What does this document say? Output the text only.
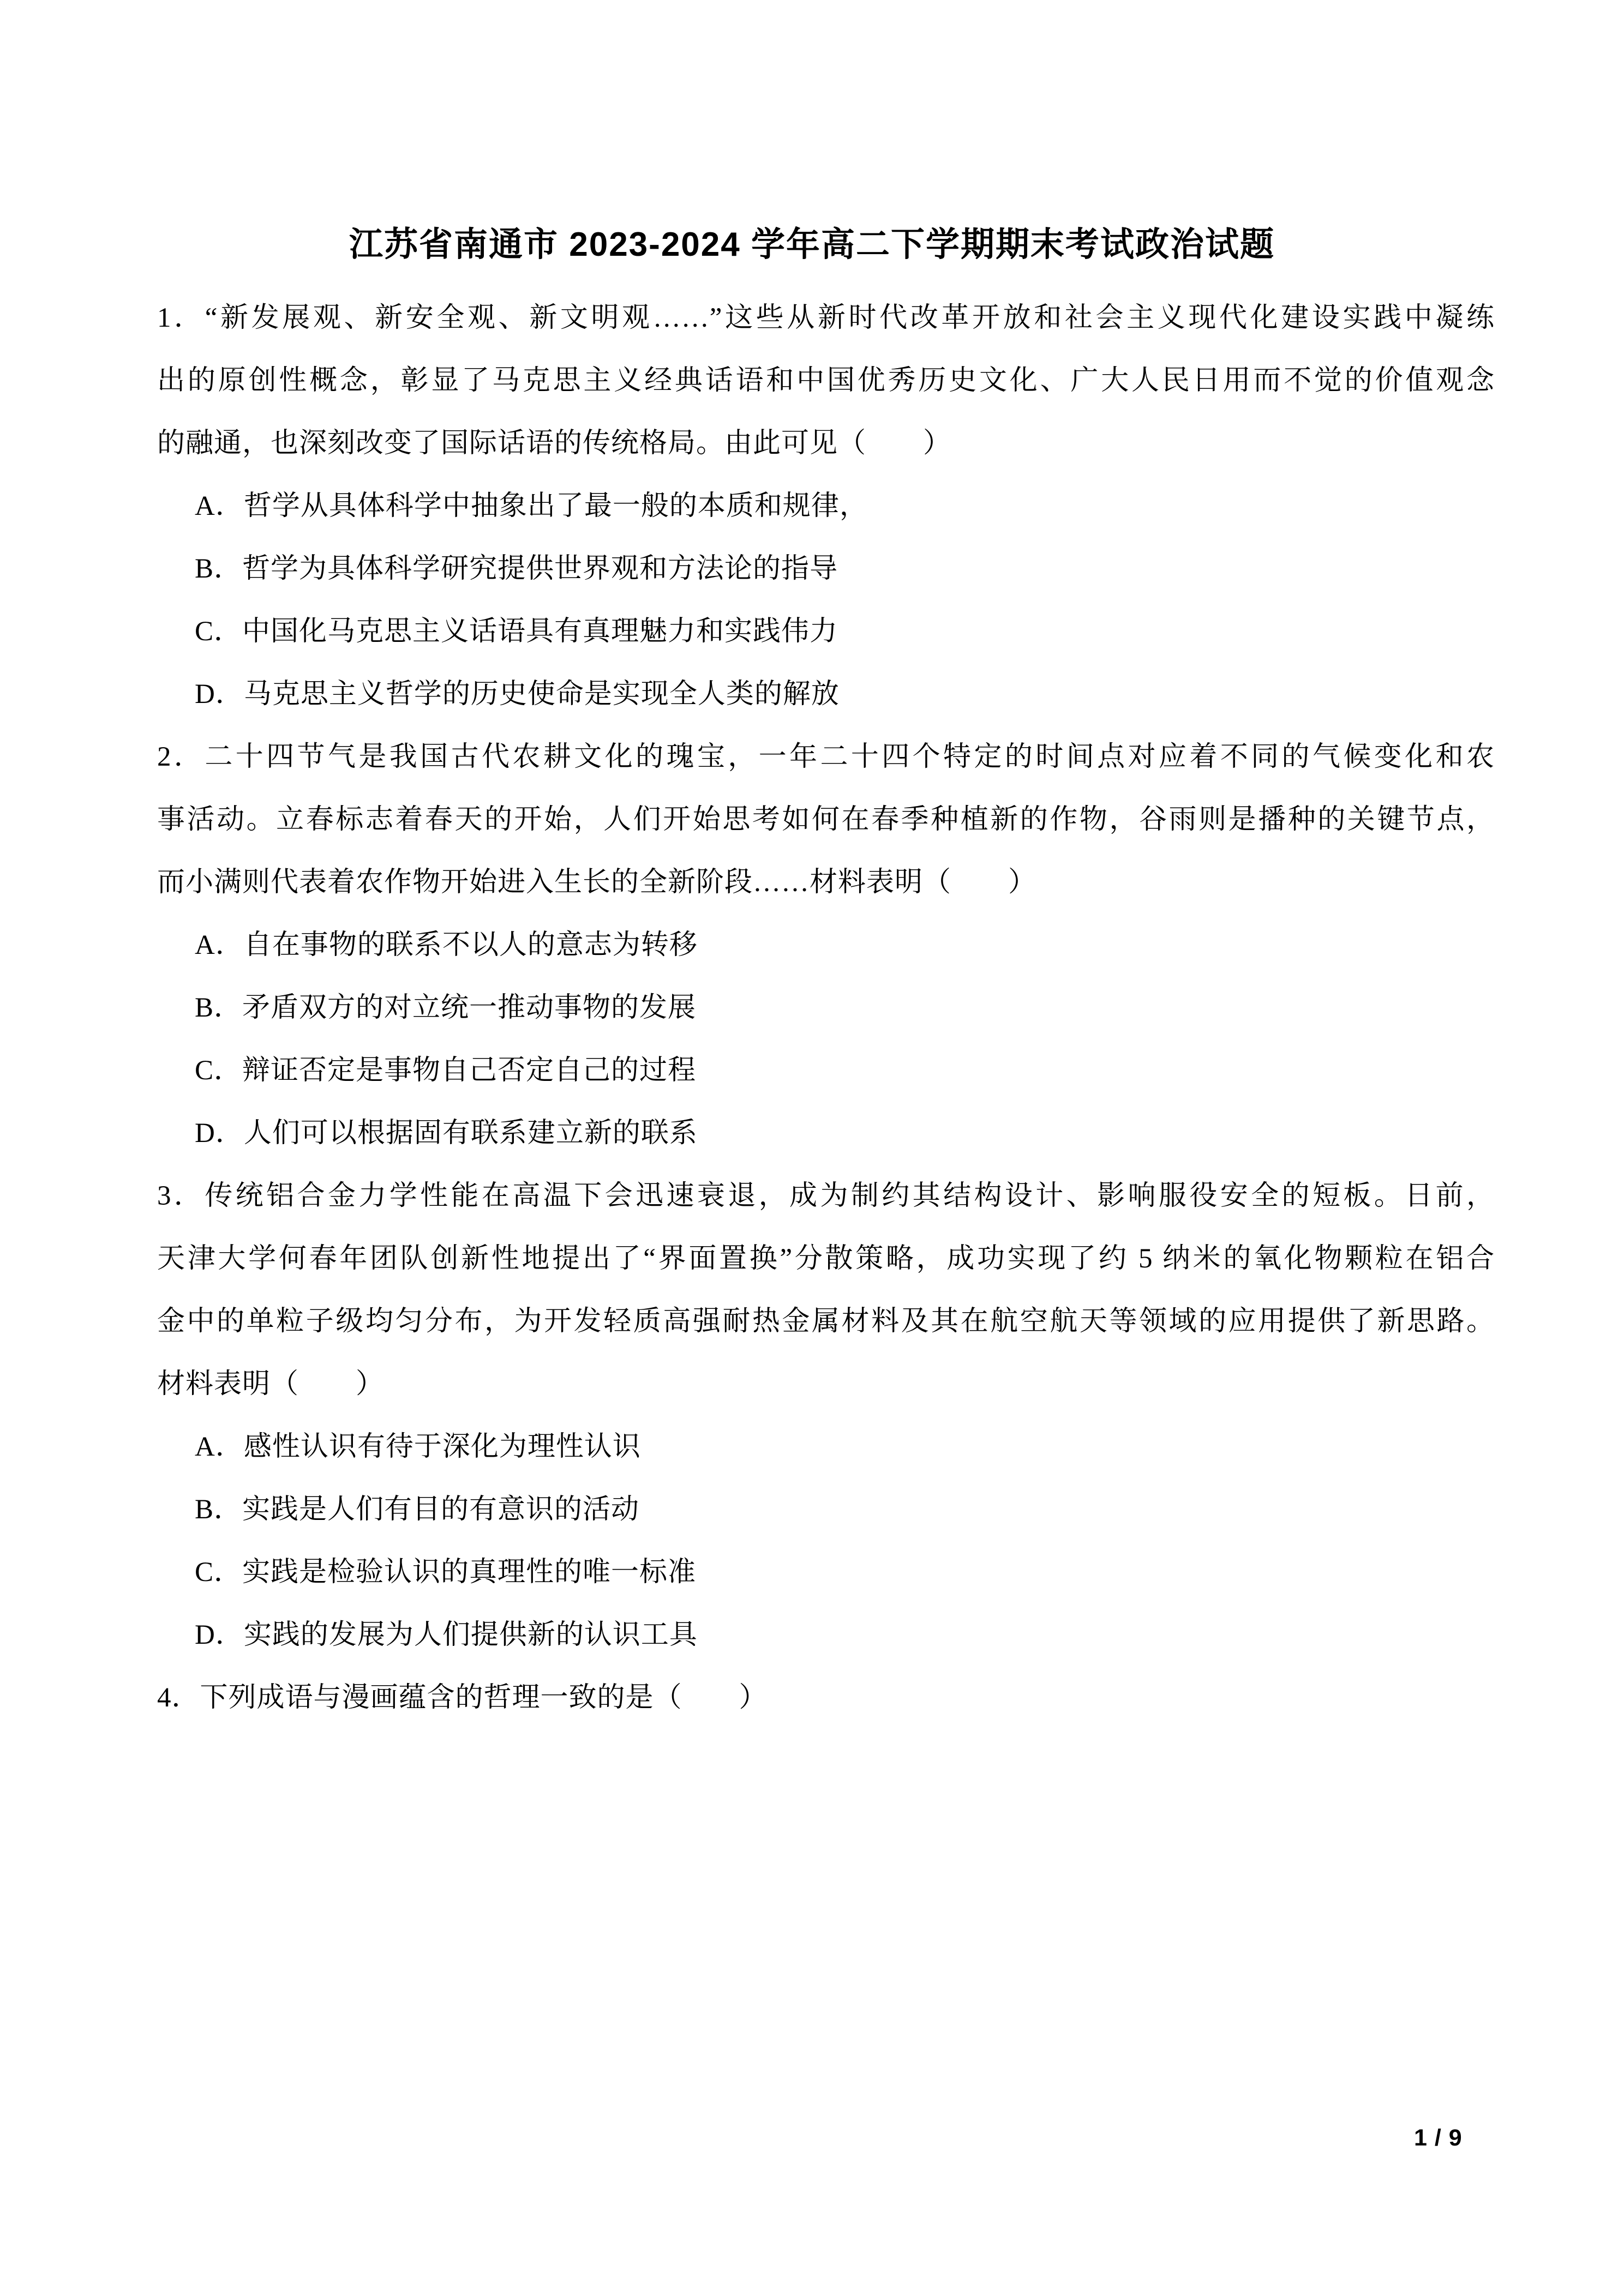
江苏省南通市 2023-2024 学年高二下学期期末考试政治试题
1．“新发展观、新安全观、新文明观……”这些从新时代改革开放和社会主义现代化建设实践中凝练
出的原创性概念，彰显了马克思主义经典话语和中国优秀历史文化、广大人民日用而不觉的价值观念
的融通，也深刻改变了国际话语的传统格局。由此可见（　　）
A．哲学从具体科学中抽象出了最一般的本质和规律，
B．哲学为具体科学研究提供世界观和方法论的指导
C．中国化马克思主义话语具有真理魅力和实践伟力
D．马克思主义哲学的历史使命是实现全人类的解放
2．二十四节气是我国古代农耕文化的瑰宝，一年二十四个特定的时间点对应着不同的气候变化和农
事活动。立春标志着春天的开始，人们开始思考如何在春季种植新的作物，谷雨则是播种的关键节点，
而小满则代表着农作物开始进入生长的全新阶段……材料表明（　　）
A．自在事物的联系不以人的意志为转移
B．矛盾双方的对立统一推动事物的发展
C．辩证否定是事物自己否定自己的过程
D．人们可以根据固有联系建立新的联系
3．传统铝合金力学性能在高温下会迅速衰退，成为制约其结构设计、影响服役安全的短板。日前，
天津大学何春年团队创新性地提出了“界面置换”分散策略，成功实现了约 5 纳米的氧化物颗粒在铝合
金中的单粒子级均匀分布，为开发轻质高强耐热金属材料及其在航空航天等领域的应用提供了新思路。
材料表明（　　）
A．感性认识有待于深化为理性认识
B．实践是人们有目的有意识的活动
C．实践是检验认识的真理性的唯一标准
D．实践的发展为人们提供新的认识工具
4．下列成语与漫画蕴含的哲理一致的是（　　）
1 / 9
